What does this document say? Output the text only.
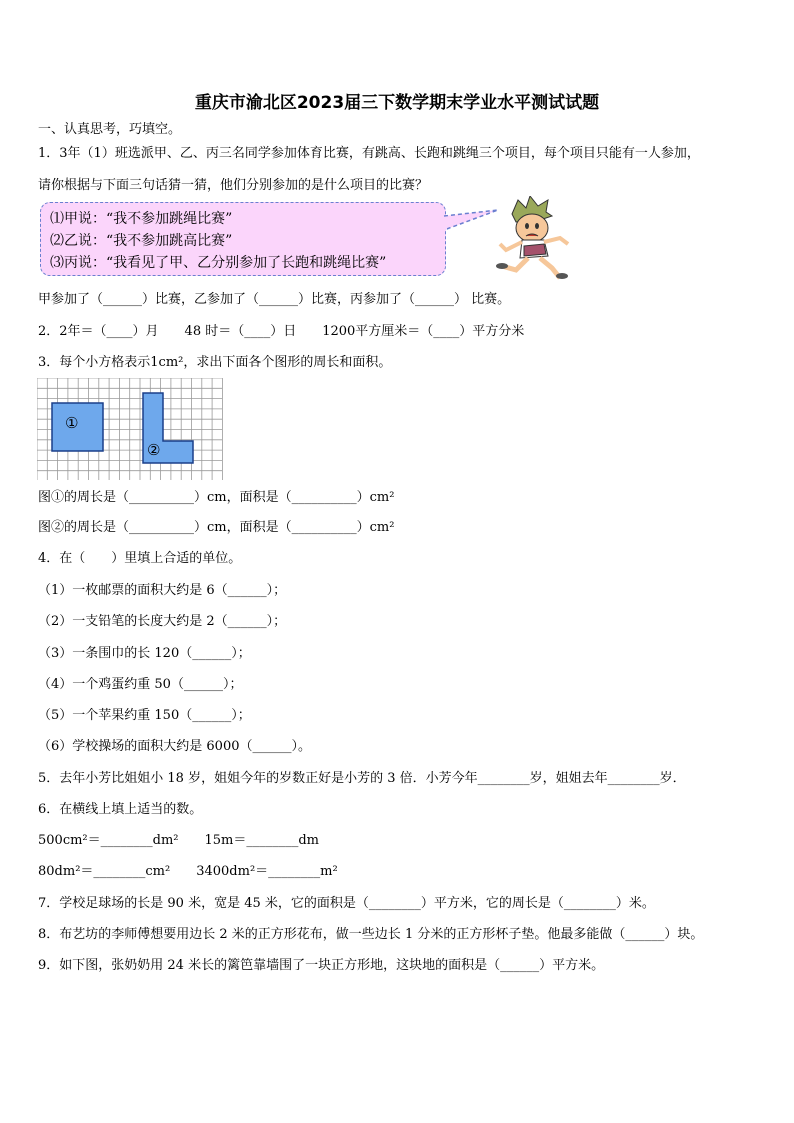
重庆市渝北区2023届三下数学期末学业水平测试试题
一、认真思考，巧填空。
1．3年（1）班选派甲、乙、丙三名同学参加体育比赛，有跳高、长跑和跳绳三个项目，每个项目只能有一人参加，
请你根据与下面三句话猜一猜，他们分别参加的是什么项目的比赛？
⑴甲说：“我不参加跳绳比赛”
⑵乙说：“我不参加跳高比赛”
⑶丙说：“我看见了甲、乙分别参加了长跑和跳绳比赛”
甲参加了（______）比赛，乙参加了（______）比赛，丙参加了（______） 比赛。
2．2年＝（____）月　　48 时＝（____）日　　1200平方厘米＝（____）平方分米
3．每个小方格表示1cm²，求出下面各个图形的周长和面积。
①
②
图①的周长是（__________）cm，面积是（__________）cm²
图②的周长是（__________）cm，面积是（__________）cm²
4．在（　　）里填上合适的单位。
（1）一枚邮票的面积大约是 6（______）；
（2）一支铅笔的长度大约是 2（______）；
（3）一条围巾的长 120（______）；
（4）一个鸡蛋约重 50（______）；
（5）一个苹果约重 150（______）；
（6）学校操场的面积大约是 6000（______）。
5．去年小芳比姐姐小 18 岁，姐姐今年的岁数正好是小芳的 3 倍．小芳今年________岁，姐姐去年________岁．
6．在横线上填上适当的数。
500cm²＝________dm²　　15m＝________dm
80dm²＝________cm²　　3400dm²＝________m²
7．学校足球场的长是 90 米，宽是 45 米，它的面积是（________）平方米，它的周长是（________）米。
8．布艺坊的李师傅想要用边长 2 米的正方形花布，做一些边长 1 分米的正方形杯子垫。他最多能做（______）块。
9．如下图，张奶奶用 24 米长的篱笆靠墙围了一块正方形地，这块地的面积是（______）平方米。
